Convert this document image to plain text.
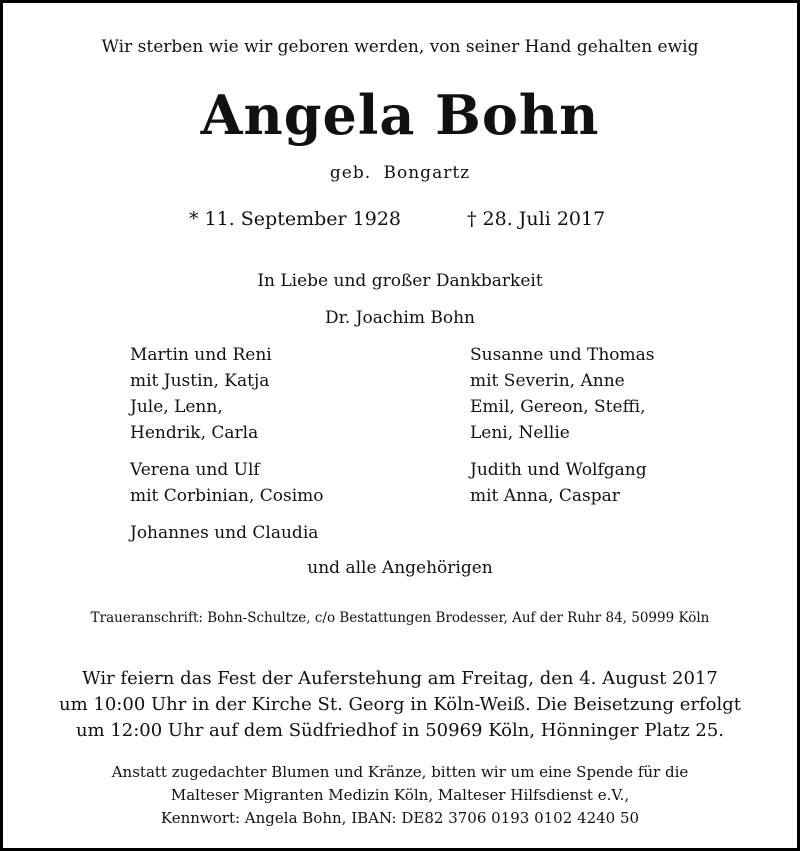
Wir sterben wie wir geboren werden, von seiner Hand gehalten ewig
Angela Bohn
geb. Bongartz
* 11. September 1928	† 28. Juli 2017
In Liebe und großer Dankbarkeit
Dr. Joachim Bohn
Martin und Reni
mit Justin, Katja
Jule, Lenn,
Hendrik, Carla
Verena und Ulf
mit Corbinian, Cosimo
Johannes und Claudia
Susanne und Thomas
mit Severin, Anne
Emil, Gereon, Steffi,
Leni, Nellie
Judith und Wolfgang
mit Anna, Caspar
und alle Angehörigen
Traueranschrift: Bohn-Schultze, c/o Bestattungen Brodesser, Auf der Ruhr 84, 50999 Köln
Wir feiern das Fest der Auferstehung am Freitag, den 4. August 2017
um 10:00 Uhr in der Kirche St. Georg in Köln-Weiß. Die Beisetzung erfolgt
um 12:00 Uhr auf dem Südfriedhof in 50969 Köln, Hönninger Platz 25.
Anstatt zugedachter Blumen und Kränze, bitten wir um eine Spende für die
Malteser Migranten Medizin Köln, Malteser Hilfsdienst e.V.,
Kennwort: Angela Bohn, IBAN: DE82 3706 0193 0102 4240 50
